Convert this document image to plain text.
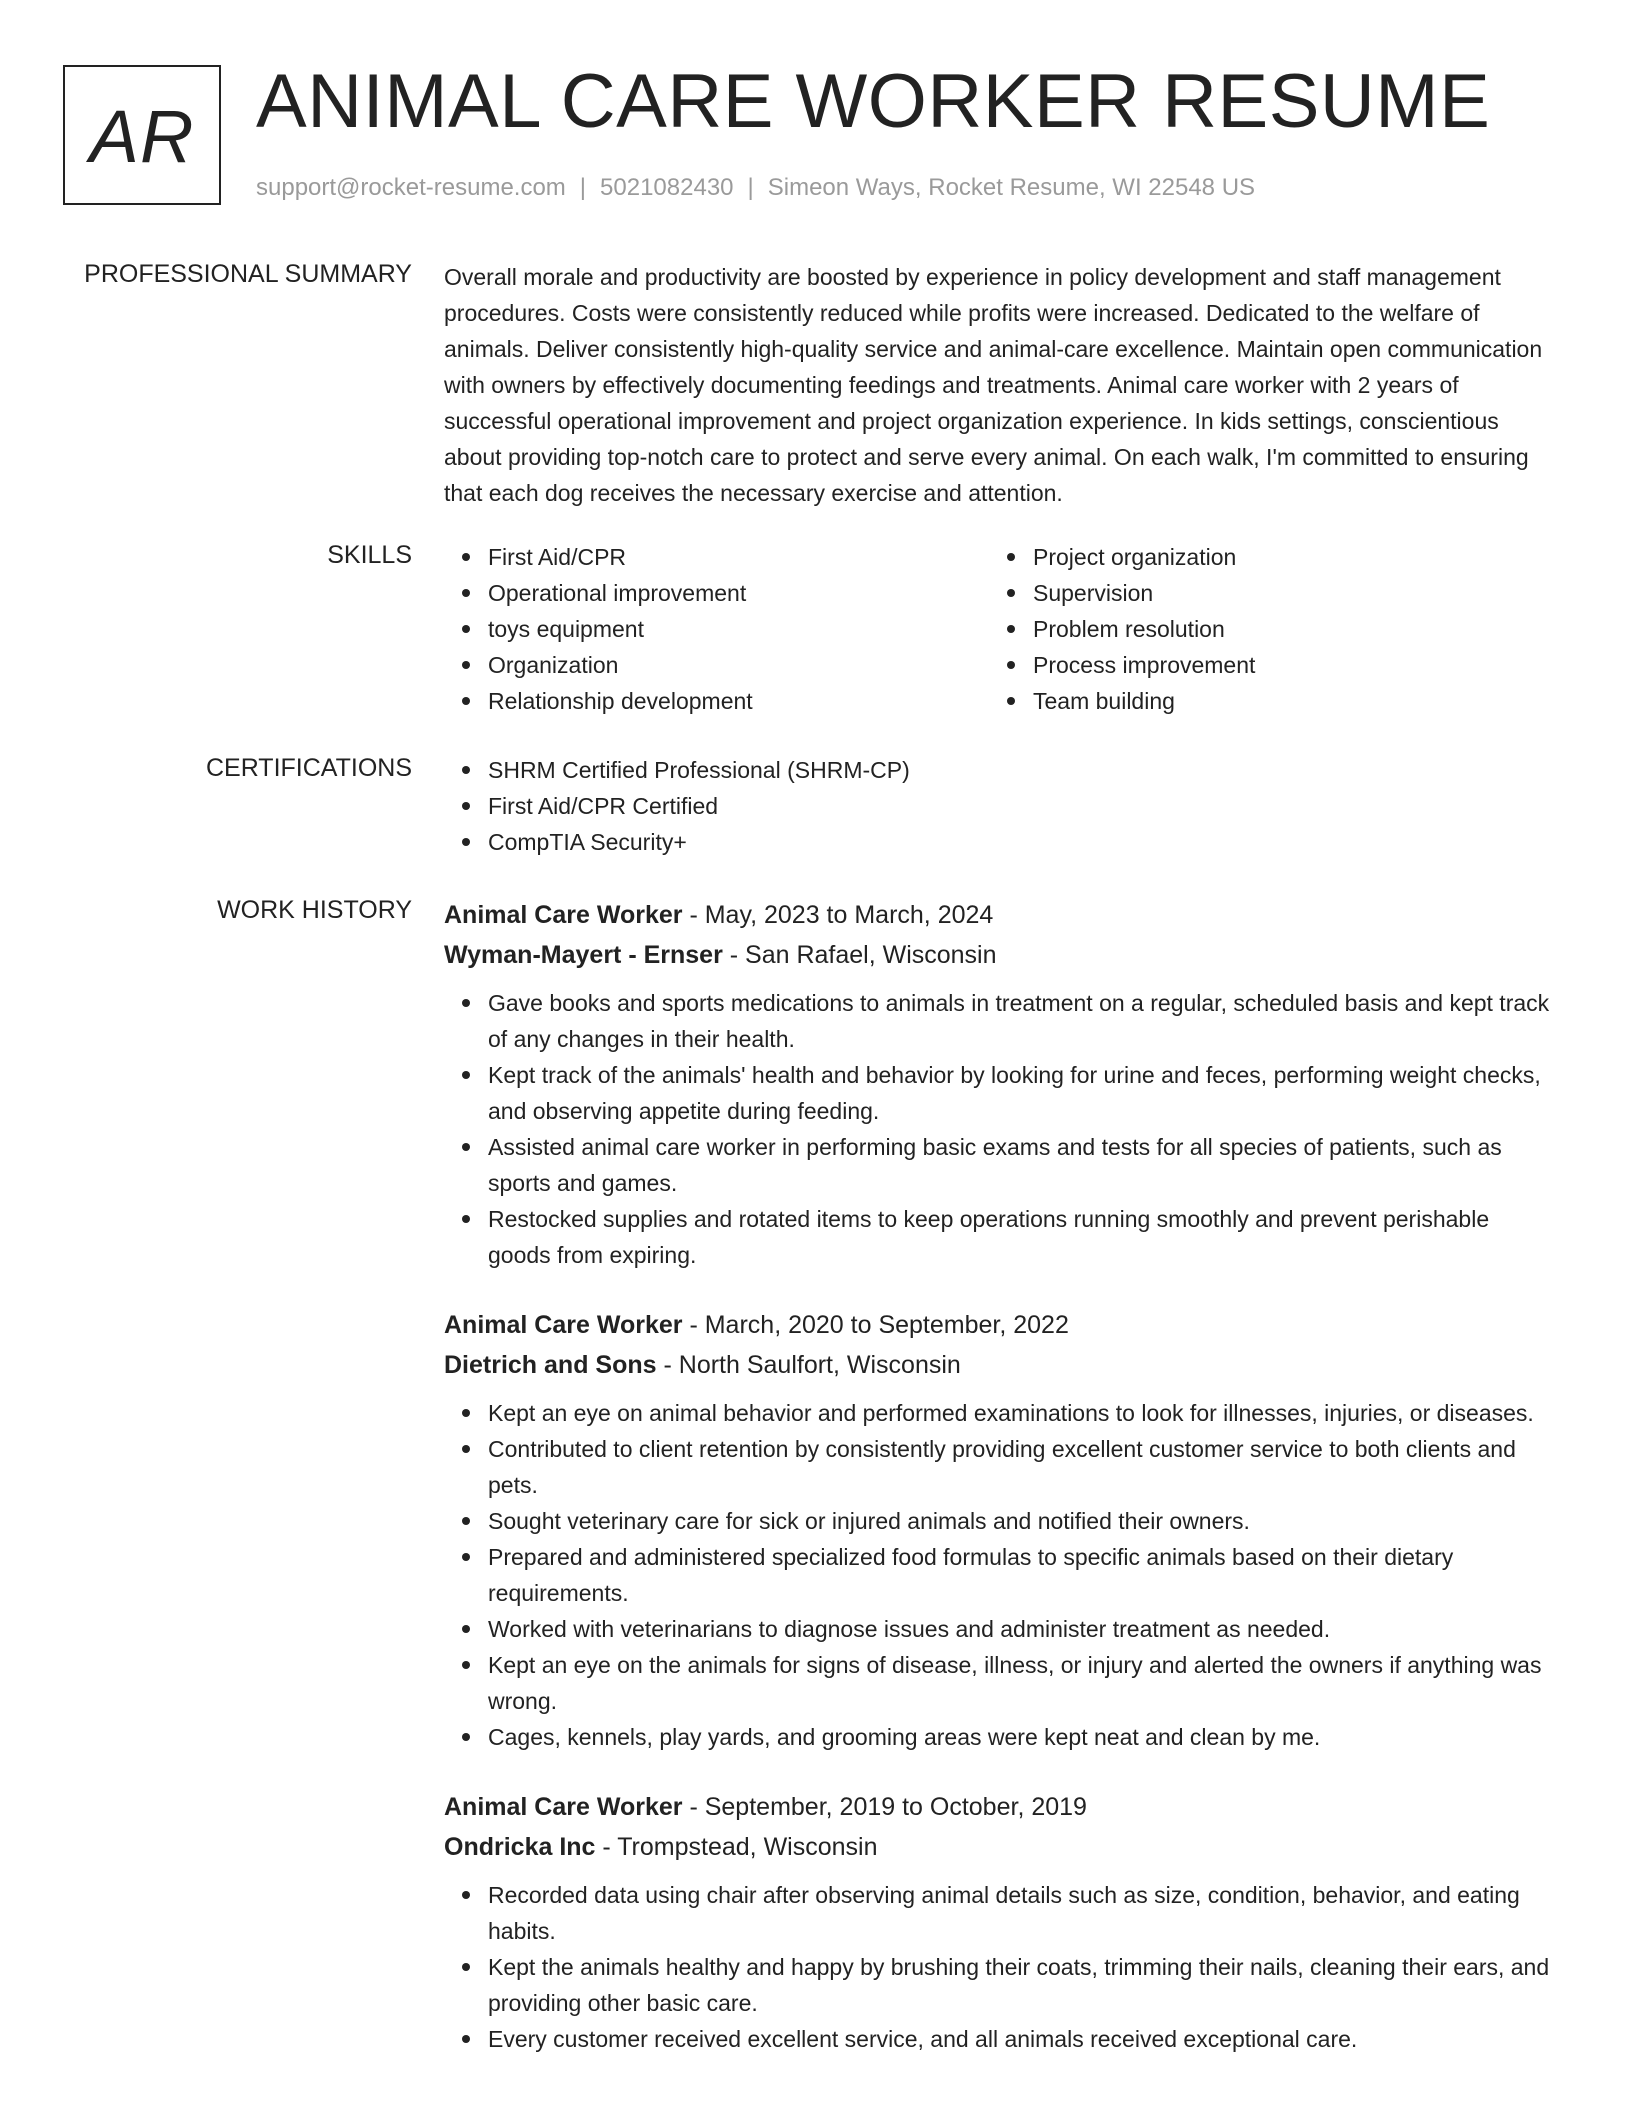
AR ANIMAL CARE WORKER RESUME
support@rocket-resume.com | 5021082430 | Simeon Ways, Rocket Resume, WI 22548 US
PROFESSIONAL SUMMARY Overall morale and productivity are boosted by experience in policy development and staff management procedures. Costs were consistently reduced while profits were increased. Dedicated to the welfare of animals. Deliver consistently high-quality service and animal-care excellence. Maintain open communication with owners by effectively documenting feedings and treatments. Animal care worker with 2 years of successful operational improvement and project organization experience. In kids settings, conscientious about providing top-notch care to protect and serve every animal. On each walk, I'm committed to ensuring that each dog receives the necessary exercise and attention.

SKILLS	First Aid/CPR
Operational improvement
toys equipment
Organization
Relationship development
Project organization
Supervision
Problem resolution
Process improvement
Team building
CERTIFICATIONS	SHRM Certified Professional (SHRM-CP)
First Aid/CPR Certified
CompTIA Security+
WORK HISTORY Animal Care Worker - May, 2023 to March, 2024
Wyman-Mayert - Ernser - San Rafael, Wisconsin
Gave books and sports medications to animals in treatment on a regular, scheduled basis and kept track of any changes in their health.
Kept track of the animals' health and behavior by looking for urine and feces, performing weight checks, and observing appetite during feeding.
Assisted animal care worker in performing basic exams and tests for all species of patients, such as sports and games.
Restocked supplies and rotated items to keep operations running smoothly and prevent perishable goods from expiring.
Animal Care Worker - March, 2020 to September, 2022
Dietrich and Sons - North Saulfort, Wisconsin
Kept an eye on animal behavior and performed examinations to look for illnesses, injuries, or diseases.
Contributed to client retention by consistently providing excellent customer service to both clients and pets.
Sought veterinary care for sick or injured animals and notified their owners.
Prepared and administered specialized food formulas to specific animals based on their dietary requirements.
Worked with veterinarians to diagnose issues and administer treatment as needed.
Kept an eye on the animals for signs of disease, illness, or injury and alerted the owners if anything was wrong.
Cages, kennels, play yards, and grooming areas were kept neat and clean by me.
Animal Care Worker - September, 2019 to October, 2019
Ondricka Inc - Trompstead, Wisconsin
Recorded data using chair after observing animal details such as size, condition, behavior, and eating habits.
Kept the animals healthy and happy by brushing their coats, trimming their nails, cleaning their ears, and providing other basic care.
Every customer received excellent service, and all animals received exceptional care.
